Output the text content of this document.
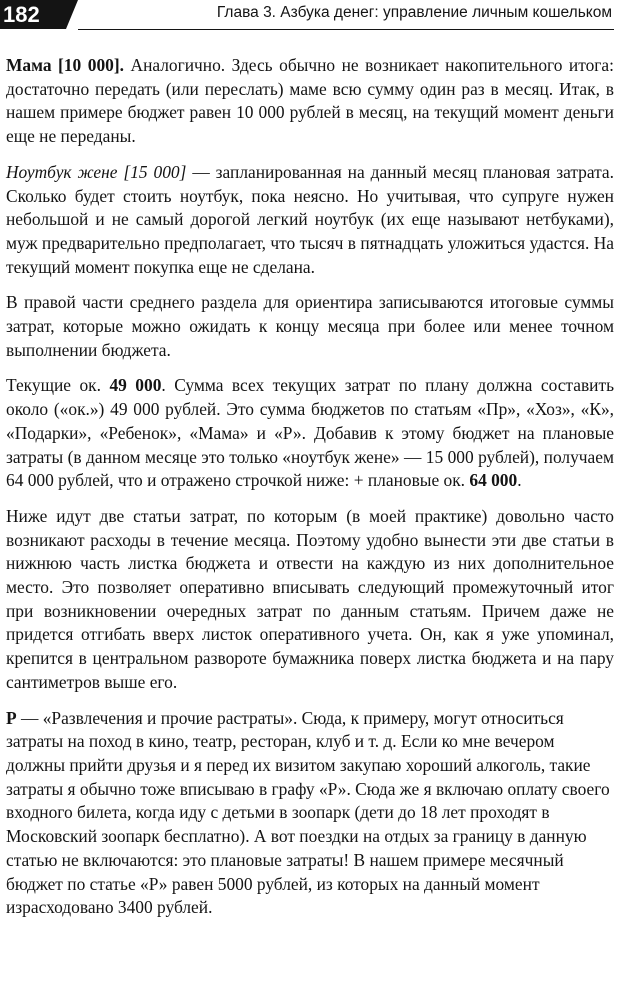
182	Глава 3. Азбука денег: управление личным кошельком

Мама [10 000]. Аналогично. Здесь обычно не возникает накопительного итога: достаточно передать (или переслать) маме всю сумму один раз в месяц. Итак, в нашем примере бюджет равен 10 000 рублей в месяц, на текущий момент деньги еще не переданы.

Ноутбук жене [15 000] — запланированная на данный месяц плановая затрата. Сколько будет стоить ноутбук, пока неясно. Но учитывая, что супруге нужен небольшой и не самый дорогой легкий ноутбук (их еще называют нетбуками), муж предварительно предполагает, что тысяч в пятнадцать уложиться удастся. На текущий момент покупка еще не сделана.

В правой части среднего раздела для ориентира записываются итоговые суммы затрат, которые можно ожидать к концу месяца при более или менее точном выполнении бюджета.

Текущие ок. 49 000. Сумма всех текущих затрат по плану должна составить около («ок.») 49 000 рублей. Это сумма бюджетов по статьям «Пр», «Хоз», «К», «Подарки», «Ребенок», «Мама» и «Р». Добавив к этому бюджет на плановые затраты (в данном месяце это только «ноутбук жене» — 15 000 рублей), получаем 64 000 рублей, что и отражено строчкой ниже: + плановые ок. 64 000.

Ниже идут две статьи затрат, по которым (в моей практике) довольно часто возникают расходы в течение месяца. Поэтому удобно вынести эти две статьи в нижнюю часть листка бюджета и отвести на каждую из них дополнительное место. Это позволяет оперативно вписывать следующий промежуточный итог при возникновении очередных затрат по данным статьям. Причем даже не придется отгибать вверх листок оперативного учета. Он, как я уже упоминал, крепится в центральном развороте бумажника поверх листка бюджета и на пару сантиметров выше его.

Р — «Развлечения и прочие растраты». Сюда, к примеру, могут относиться затраты на поход в кино, театр, ресторан, клуб и т. д. Если ко мне вечером должны прийти друзья и я перед их визитом закупаю хороший алкоголь, такие затраты я обычно тоже вписываю в графу «Р». Сюда же я включаю оплату своего входного билета, когда иду с детьми в зоопарк (дети до 18 лет проходят в Московский зоопарк бесплатно). А вот поездки на отдых за границу в данную статью не включаются: это плановые затраты! В нашем примере месячный бюджет по статье «Р» равен 5000 рублей, из которых на данный момент израсходовано 3400 рублей.
